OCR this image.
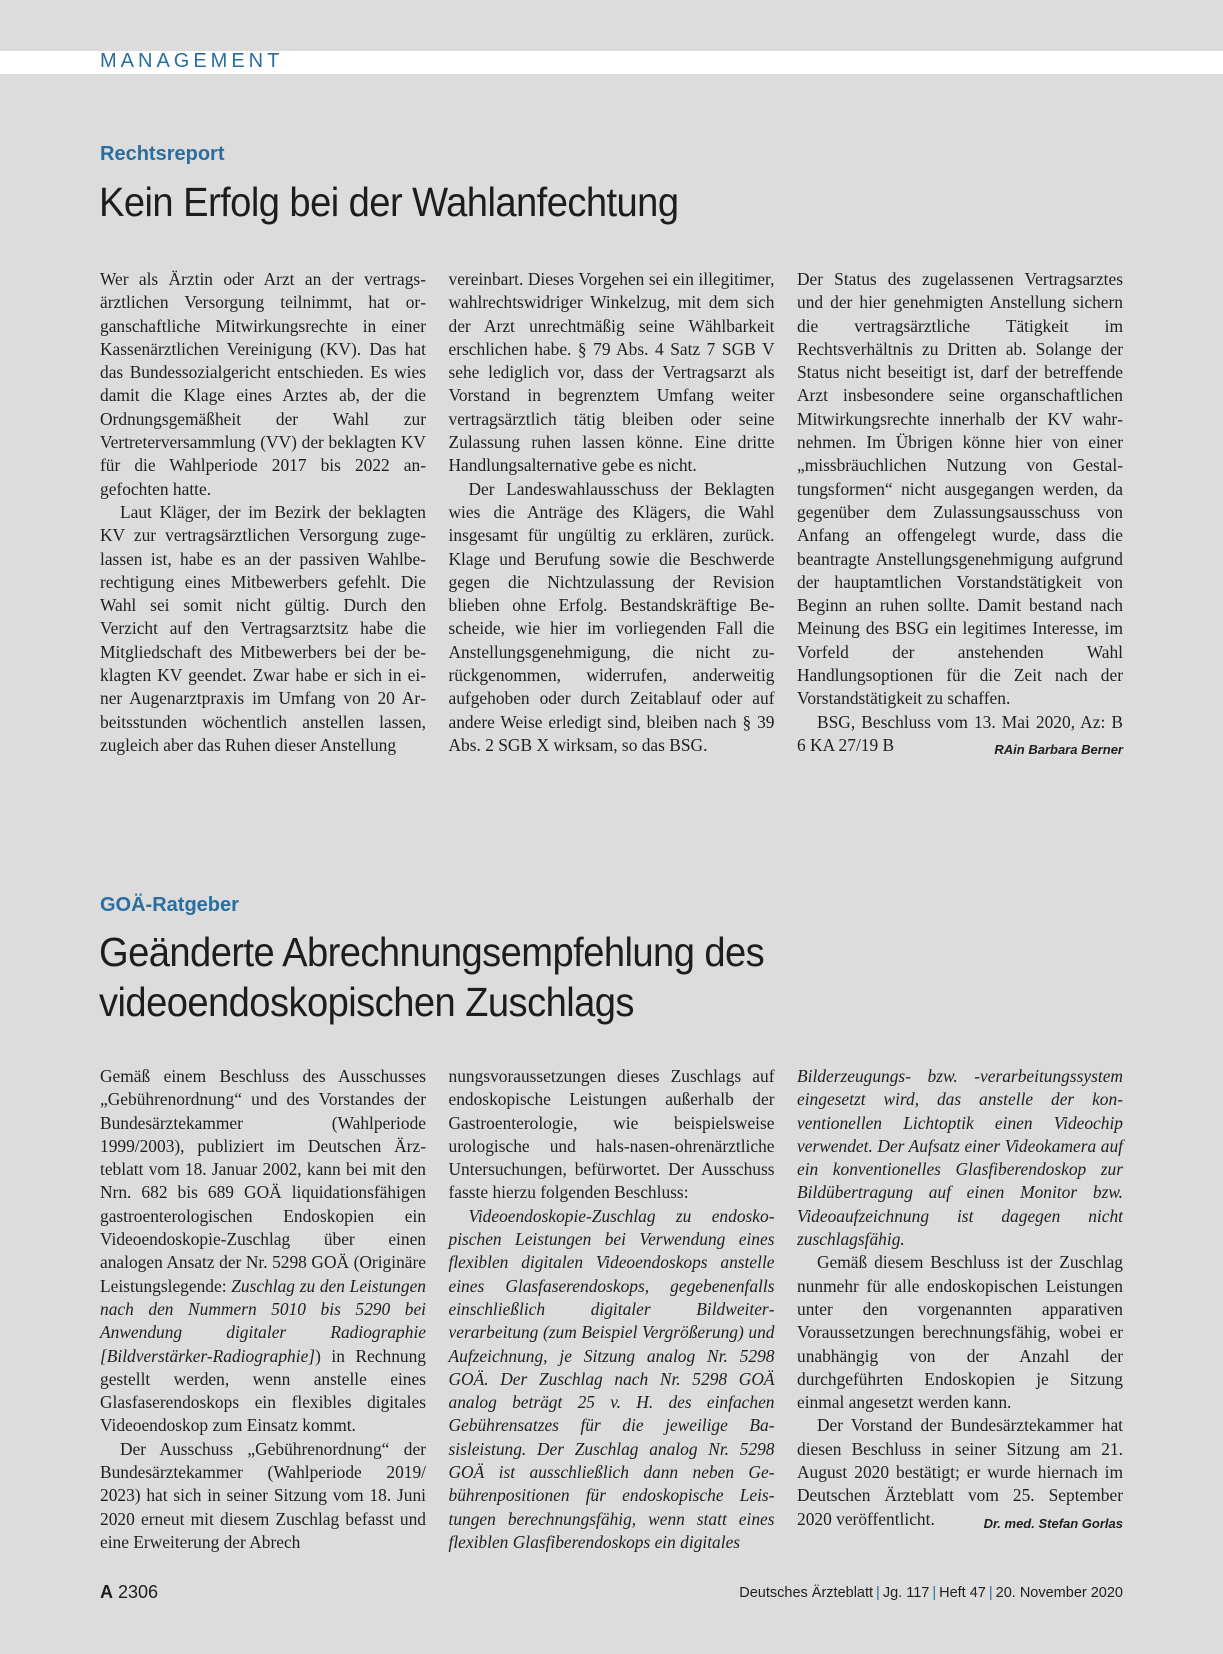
MANAGEMENT
Rechtsreport
Kein Erfolg bei der Wahlanfechtung

Wer als Ärztin oder Arzt an der vertragsärztlichen Versorgung teilnimmt, hat organschaftliche Mitwirkungsrechte in einer Kassenärztlichen Vereinigung (KV). Das hat das Bundessozialgericht entschieden. Es wies damit die Klage eines Arztes ab, der die Ordnungsgemäßheit der Wahl zur Vertreterversammlung (VV) der beklagten KV für die Wahlperiode 2017 bis 2022 angefochten hatte.

Laut Kläger, der im Bezirk der beklagten KV zur vertragsärztlichen Versorgung zugelassen ist, habe es an der passiven Wahlberechtigung eines Mitbewerbers gefehlt. Die Wahl sei somit nicht gültig. Durch den Verzicht auf den Vertragsarztsitz habe die Mitgliedschaft des Mitbewerbers bei der beklagten KV geendet. Zwar habe er sich in einer Augenarztpraxis im Umfang von 20 Arbeitsstunden wöchentlich anstellen lassen, zugleich aber das Ruhen dieser Anstellung

vereinbart. Dieses Vorgehen sei ein illegitimer, wahlrechtswidriger Winkelzug, mit dem sich der Arzt unrechtmäßig seine Wählbarkeit erschlichen habe. § 79 Abs. 4 Satz 7 SGB V sehe lediglich vor, dass der Vertragsarzt als Vorstand in begrenztem Umfang weiter vertragsärztlich tätig bleiben oder seine Zulassung ruhen lassen könne. Eine dritte Handlungsalternative gebe es nicht.

Der Landeswahlausschuss der Beklagten wies die Anträge des Klägers, die Wahl insgesamt für ungültig zu erklären, zurück. Klage und Berufung sowie die Beschwerde gegen die Nichtzulassung der Revision blieben ohne Erfolg. Bestandskräftige Bescheide, wie hier im vorliegenden Fall die Anstellungsgenehmigung, die nicht zurückgenommen, widerrufen, anderweitig aufgehoben oder durch Zeitablauf oder auf andere Weise erledigt sind, bleiben nach § 39 Abs. 2 SGB X wirksam, so das BSG.

Der Status des zugelassenen Vertragsarztes und der hier genehmigten Anstellung sichern die vertragsärztliche Tätigkeit im Rechtsverhältnis zu Dritten ab. Solange der Status nicht beseitigt ist, darf der betreffende Arzt insbesondere seine organschaftlichen Mitwirkungsrechte innerhalb der KV wahrnehmen. Im Übrigen könne hier von einer „missbräuchlichen Nutzung von Gestaltungsformen“ nicht ausgegangen werden, da gegenüber dem Zulassungsausschuss von Anfang an offengelegt wurde, dass die beantragte Anstellungsgenehmigung aufgrund der hauptamtlichen Vorstandstätigkeit von Beginn an ruhen sollte. Damit bestand nach Meinung des BSG ein legitimes Interesse, im Vorfeld der anstehenden Wahl Handlungsoptionen für die Zeit nach der Vorstandstätigkeit zu schaffen.

BSG, Beschluss vom 13. Mai 2020, Az: B 6 KA 27/19 B	RAin Barbara Berner

GOÄ-Ratgeber
Geänderte Abrechnungsempfehlung des
videoendoskopischen Zuschlags

Gemäß einem Beschluss des Ausschusses „Gebührenordnung“ und des Vorstandes der Bundesärztekammer (Wahlperiode 1999/2003), publiziert im Deutschen Ärzteblatt vom 18. Januar 2002, kann bei mit den Nrn. 682 bis 689 GOÄ liquidationsfähigen gastroenterologischen Endoskopien ein Videoendoskopie-Zuschlag über einen analogen Ansatz der Nr. 5298 GOÄ (Originäre Leistungslegende: Zuschlag zu den Leistungen nach den Nummern 5010 bis 5290 bei Anwendung digitaler Radiographie [Bildverstärker-Radiographie]) in Rechnung gestellt werden, wenn anstelle eines Glasfaserendoskops ein flexibles digitales Videoendoskop zum Einsatz kommt.

Der Ausschuss „Gebührenordnung“ der Bundesärztekammer (Wahlperiode 2019/ 2023) hat sich in seiner Sitzung vom 18. Juni 2020 erneut mit diesem Zuschlag befasst und eine Erweiterung der Abrech

nungsvoraussetzungen dieses Zuschlags auf endoskopische Leistungen außerhalb der Gastroenterologie, wie beispielsweise urologische und hals-nasen-ohrenärztliche Untersuchungen, befürwortet. Der Ausschuss fasste hierzu folgenden Beschluss:

Videoendoskopie-Zuschlag zu endoskopischen Leistungen bei Verwendung eines flexiblen digitalen Videoendoskops anstelle eines Glasfaserendoskops, gegebenenfalls einschließlich digitaler Bildweiterverarbeitung (zum Beispiel Vergrößerung) und Aufzeichnung, je Sitzung analog Nr. 5298 GOÄ. Der Zuschlag nach Nr. 5298 GOÄ analog beträgt 25 v. H. des einfachen Gebührensatzes für die jeweilige Basisleistung. Der Zuschlag analog Nr. 5298 GOÄ ist ausschließlich dann neben Gebührenpositionen für endoskopische Leistungen berechnungsfähig, wenn statt eines flexiblen Glasfiberendoskops ein digitales

Bilderzeugungs- bzw. -verarbeitungssystem eingesetzt wird, das anstelle der konventionellen Lichtoptik einen Videochip verwendet. Der Aufsatz einer Videokamera auf ein konventionelles Glasfiberendoskop zur Bildübertragung auf einen Monitor bzw. Videoaufzeichnung ist dagegen nicht zuschlagsfähig.

Gemäß diesem Beschluss ist der Zuschlag nunmehr für alle endoskopischen Leistungen unter den vorgenannten apparativen Voraussetzungen berechnungsfähig, wobei er unabhängig von der Anzahl der durchgeführten Endoskopien je Sitzung einmal angesetzt werden kann.

Der Vorstand der Bundesärztekammer hat diesen Beschluss in seiner Sitzung am 21. August 2020 bestätigt; er wurde hiernach im Deutschen Ärzteblatt vom 25. September 2020 veröffentlicht.	Dr. med. Stefan Gorlas

A 2306	Deutsches Ärzteblatt | Jg. 117 | Heft 47 | 20. November 2020
